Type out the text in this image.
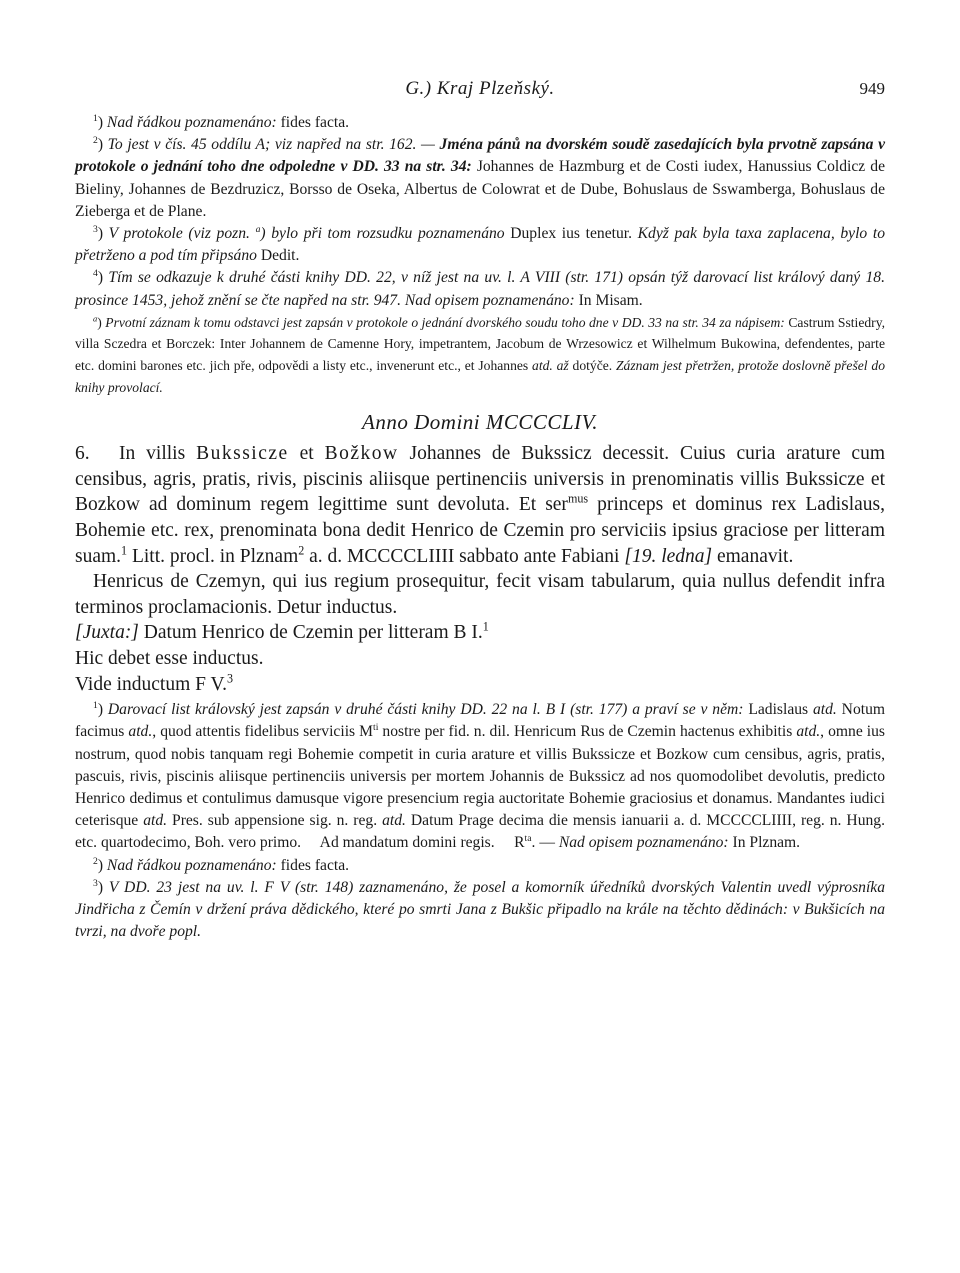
G.) Kraj Plzeňský.	949

$^1$) Nad řádkou poznamenáno: fides facta.

$^2$) To jest v čís. 45 oddílu A; viz napřed na str. 162. — Jména pánů na dvorském soudě zasedajících byla prvotně zapsána v protokole o jednání toho dne odpoledne v DD. 33 na str. 34: Johannes de Hazmburg et de Costi iudex, Hanussius Coldicz de Bieliny, Johannes de Bezdruzicz, Borsso de Oseka, Albertus de Colowrat et de Dube, Bohuslaus de Sswamberga, Bohuslaus de Zieberga et de Plane.

$^3$) V protokole (viz pozn. $^a$) bylo při tom rozsudku poznamenáno Duplex ius tenetur. Když pak byla taxa zaplacena, bylo to přetrženo a pod tím připsáno Dedit.

$^4$) Tím se odkazuje k druhé části knihy DD. 22, v níž jest na uv. l. A VIII (str. 171) opsán týž darovací list králový daný 18. prosince 1453, jehož znění se čte napřed na str. 947. Nad opisem poznamenáno: In Misam.

$^a$) Prvotní záznam k tomu odstavci jest zapsán v protokole o jednání dvorského soudu toho dne v DD. 33 na str. 34 za nápisem: Castrum Sstiedry, villa Sczedra et Borczek: Inter Johannem de Camenne Hory, impetrantem, Jacobum de Wrzesowicz et Wilhelmum Bukowina, defendentes, parte etc. domini barones etc. jich pře, odpovědi a listy etc., invenerunt etc., et Johannes atd. až dotýče. Záznam jest přetržen, protože doslovně přešel do knihy provolací.

Anno Domini MCCCCLIV.

6. In villis Bukssicze et Božkow Johannes de Bukssicz decessit. Cuius curia arature cum censibus, agris, pratis, rivis, piscinis aliisque pertinenciis universis in prenominatis villis Bukssicze et Bozkow ad dominum regem legittime sunt devoluta. Et ser$^{mus}$ princeps et dominus rex Ladislaus, Bohemie etc. rex, prenominata bona dedit Henrico de Czemin pro serviciis ipsius graciose per litteram suam.$^1$ Litt. procl. in Plznam$^2$ a. d. MCCCCLIIII sabbato ante Fabiani [19. ledna] emanavit.

Henricus de Czemyn, qui ius regium prosequitur, fecit visam tabularum, quia nullus defendit infra terminos proclamacionis. Detur inductus.

[Juxta:] Datum Henrico de Czemin per litteram B I.$^1$

Hic debet esse inductus.

Vide inductum F V.$^3$

$^1$) Darovací list královský jest zapsán v druhé části knihy DD. 22 na l. B I (str. 177) a praví se v něm: Ladislaus atd. Notum facimus atd., quod attentis fidelibus serviciis $M^{ti}$ nostre per fid. n. dil. Henricum Rus de Czemin hactenus exhibitis atd., omne ius nostrum, quod nobis tanquam regi Bohemie competit in curia arature et villis Bukssicze et Bozkow cum censibus, agris, pratis, pascuis, rivis, piscinis aliisque pertinenciis universis per mortem Johannis de Bukssicz ad nos quomodolibet devolutis, predicto Henrico dedimus et contulimus damusque vigore presencium regia auctoritate Bohemie graciosius et donamus. Mandantes iudici ceterisque atd. Pres. sub appensione sig. n. reg. atd. Datum Prage decima die mensis ianuarii a. d. MCCCCLIIII, reg. n. Hung. etc. quartodecimo, Boh. vero primo.     Ad mandatum domini regis.     $R^{ta}$. — Nad opisem poznamenáno: In Plznam.

$^2$) Nad řádkou poznamenáno: fides facta.

$^3$) V DD. 23 jest na uv. l. F V (str. 148) zaznamenáno, že posel a komorník úředníků dvorských Valentin uvedl výprosníka Jindřicha z Čemín v držení práva dědického, které po smrti Jana z Bukšic připadlo na krále na těchto dědinách: v Bukšicích na tvrzi, na dvoře popl.
